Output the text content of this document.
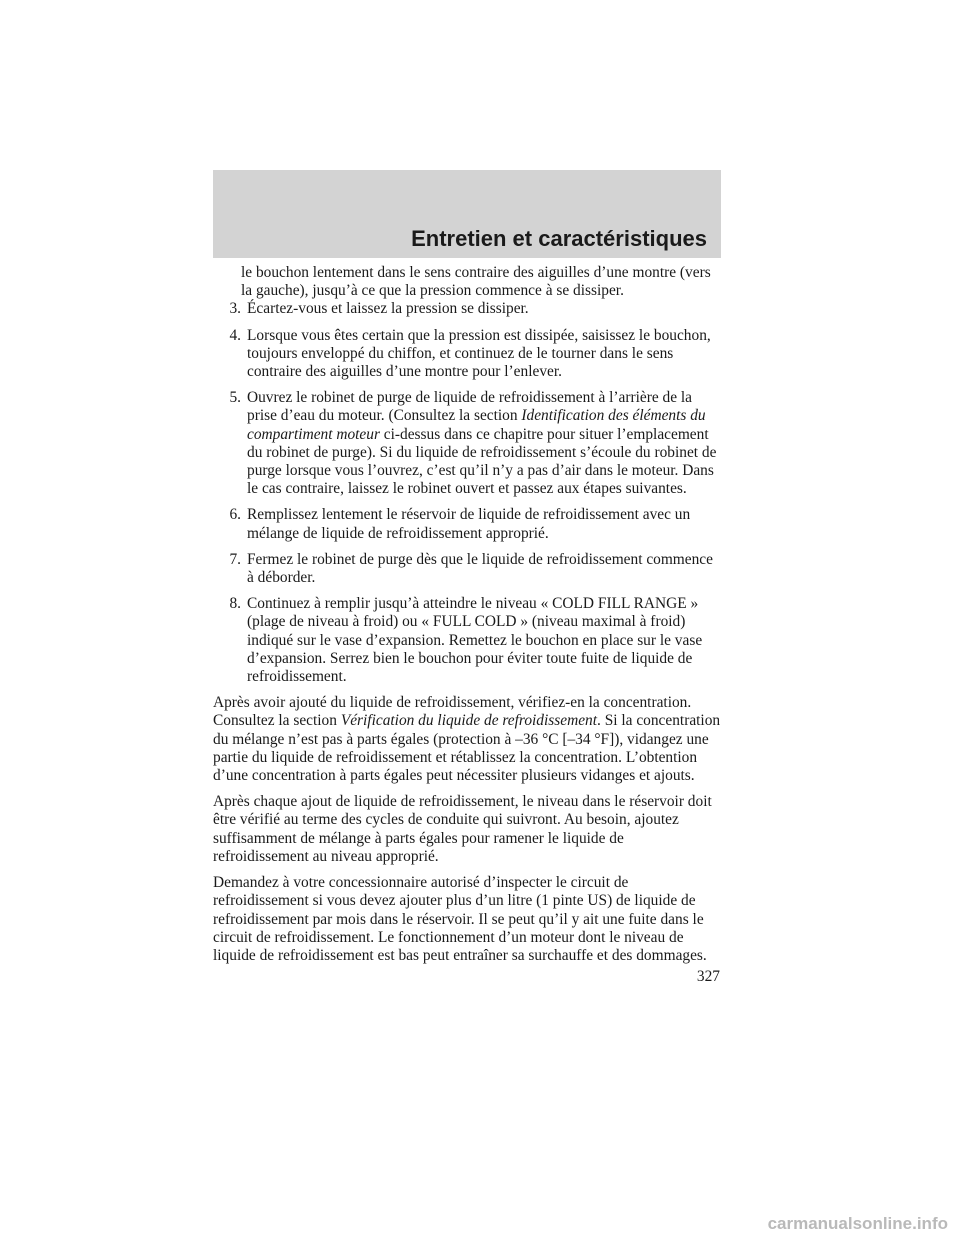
Entretien et caractéristiques

le bouchon lentement dans le sens contraire des aiguilles d’une montre (vers la gauche), jusqu’à ce que la pression commence à se dissiper.

3. Écartez-vous et laissez la pression se dissiper.
4. Lorsque vous êtes certain que la pression est dissipée, saisissez le bouchon, toujours enveloppé du chiffon, et continuez de le tourner dans le sens contraire des aiguilles d’une montre pour l’enlever.
5. Ouvrez le robinet de purge de liquide de refroidissement à l’arrière de la prise d’eau du moteur. (Consultez la section Identification des éléments du compartiment moteur ci-dessus dans ce chapitre pour situer l’emplacement du robinet de purge). Si du liquide de refroidissement s’écoule du robinet de purge lorsque vous l’ouvrez, c’est qu’il n’y a pas d’air dans le moteur. Dans le cas contraire, laissez le robinet ouvert et passez aux étapes suivantes.
6. Remplissez lentement le réservoir de liquide de refroidissement avec un mélange de liquide de refroidissement approprié.
7. Fermez le robinet de purge dès que le liquide de refroidissement commence à déborder.
8. Continuez à remplir jusqu’à atteindre le niveau « COLD FILL RANGE » (plage de niveau à froid) ou « FULL COLD » (niveau maximal à froid) indiqué sur le vase d’expansion. Remettez le bouchon en place sur le vase d’expansion. Serrez bien le bouchon pour éviter toute fuite de liquide de refroidissement.

Après avoir ajouté du liquide de refroidissement, vérifiez-en la concentration. Consultez la section Vérification du liquide de refroidissement. Si la concentration du mélange n’est pas à parts égales (protection à –36 °C [–34 °F]), vidangez une partie du liquide de refroidissement et rétablissez la concentration. L’obtention d’une concentration à parts égales peut nécessiter plusieurs vidanges et ajouts.

Après chaque ajout de liquide de refroidissement, le niveau dans le réservoir doit être vérifié au terme des cycles de conduite qui suivront. Au besoin, ajoutez suffisamment de mélange à parts égales pour ramener le liquide de refroidissement au niveau approprié.

Demandez à votre concessionnaire autorisé d’inspecter le circuit de refroidissement si vous devez ajouter plus d’un litre (1 pinte US) de liquide de refroidissement par mois dans le réservoir. Il se peut qu’il y ait une fuite dans le circuit de refroidissement. Le fonctionnement d’un moteur dont le niveau de liquide de refroidissement est bas peut entraîner sa surchauffe et des dommages.

327
carmanualsonline.info
